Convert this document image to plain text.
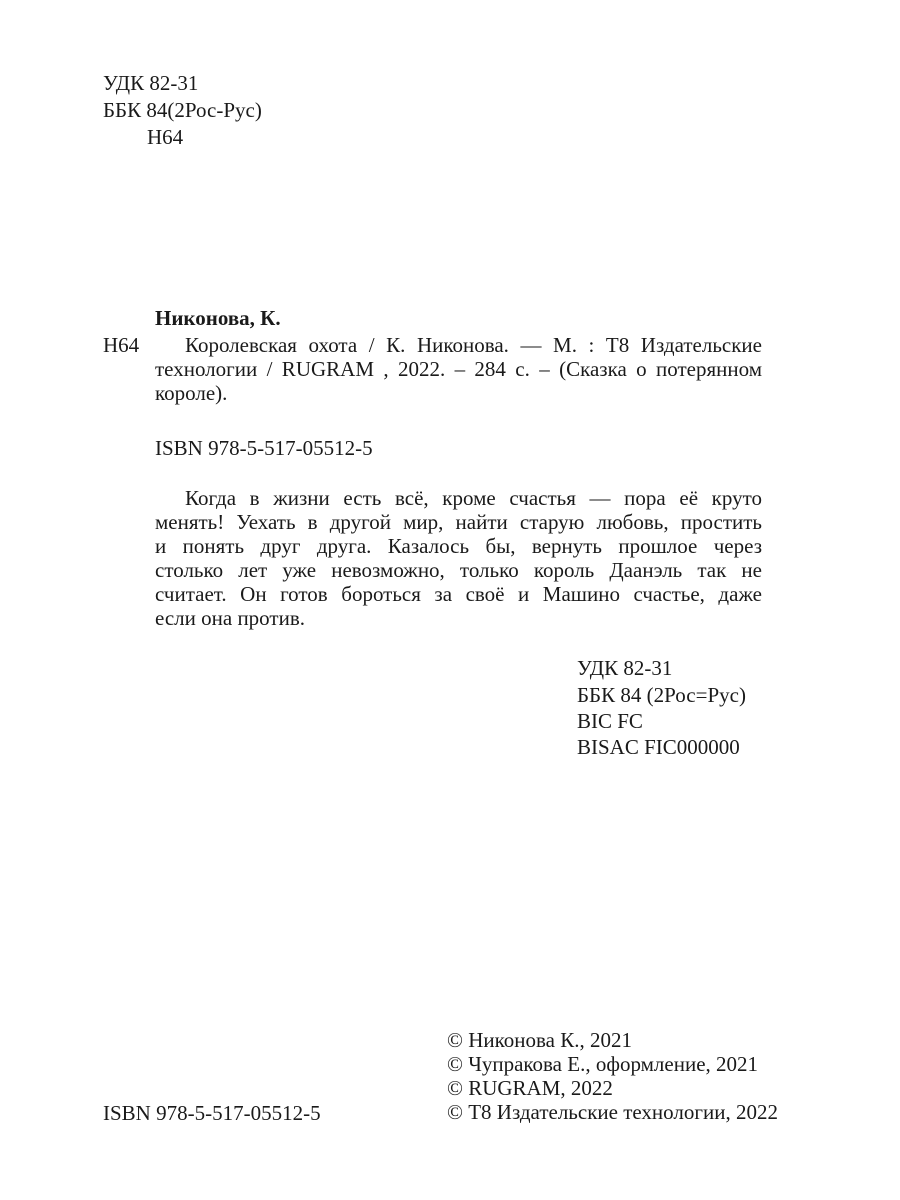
УДК 82-31
ББК 84(2Рос-Рус)
Н64
Никонова, К.
Н64	Королевская охота / К. Никонова. — М. : Т8 Издательские
технологии / RUGRAM , 2022. – 284 с. – (Сказка о потерянном
короле).
ISBN 978-5-517-05512-5
Когда в жизни есть всё, кроме счастья — пора её круто
менять! Уехать в другой мир, найти старую любовь, простить
и понять друг друга. Казалось бы, вернуть прошлое через
столько лет уже невозможно, только король Даанэль так не
считает. Он готов бороться за своё и Машино счастье, даже
если она против.
УДК 82-31
ББК 84 (2Рос=Рус)
BIC FC
BISAC FIC000000
ISBN 978-5-517-05512-5
© Никонова К., 2021
© Чупракова Е., оформление, 2021
© RUGRAM, 2022
© Т8 Издательские технологии, 2022
